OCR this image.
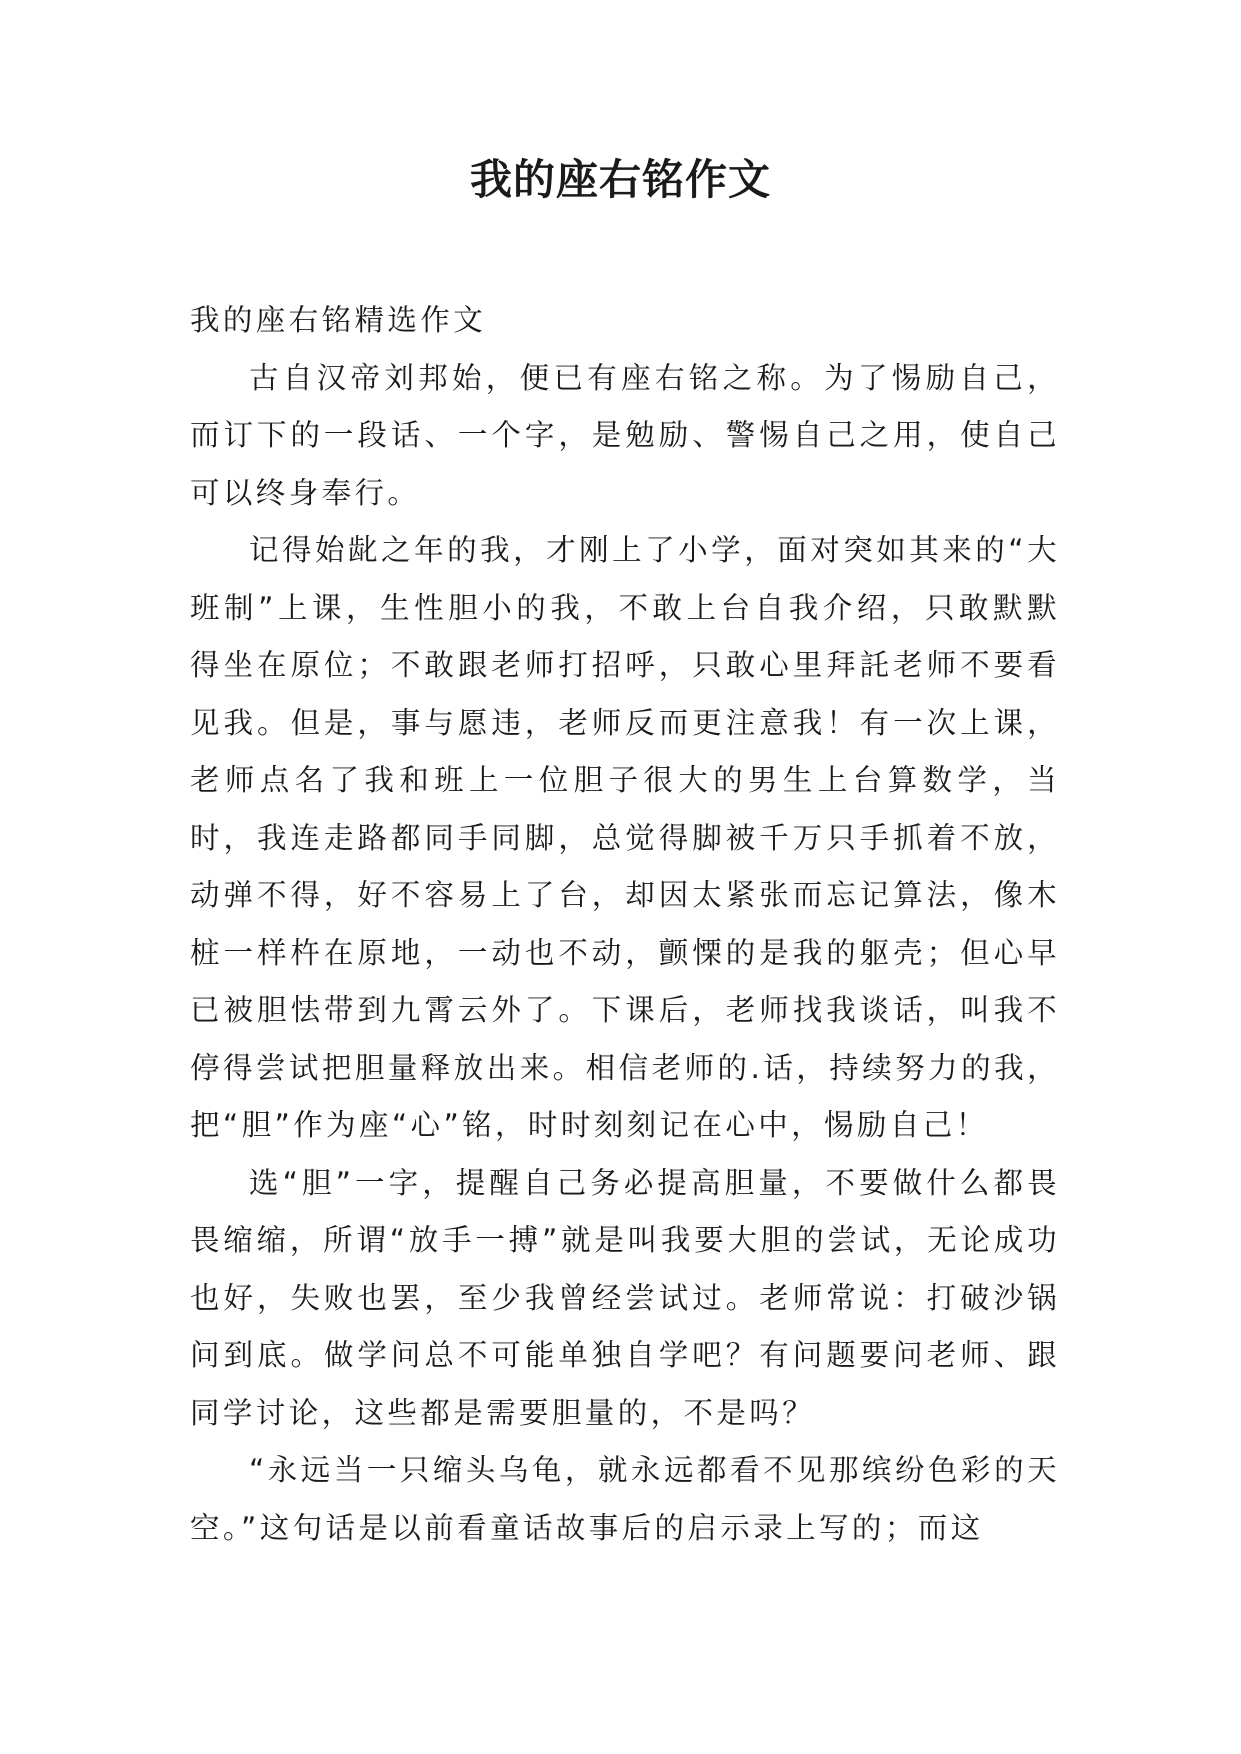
我的座右铭作文

我的座右铭精选作文

古自汉帝刘邦始，便已有座右铭之称。为了惕励自己，而订下的一段话、一个字，是勉励、警惕自己之用，使自己可以终身奉行。

记得始龀之年的我，才刚上了小学，面对突如其来的“大班制”上课，生性胆小的我，不敢上台自我介绍，只敢默默得坐在原位；不敢跟老师打招呼，只敢心里拜託老师不要看见我。但是，事与愿违，老师反而更注意我！有一次上课，老师点名了我和班上一位胆子很大的男生上台算数学，当时，我连走路都同手同脚，总觉得脚被千万只手抓着不放，动弹不得，好不容易上了台，却因太紧张而忘记算法，像木桩一样杵在原地，一动也不动，颤慄的是我的躯壳；但心早已被胆怯带到九霄云外了。下课后，老师找我谈话，叫我不停得尝试把胆量释放出来。相信老师的.话，持续努力的我，把“胆”作为座“心”铭，时时刻刻记在心中，惕励自己！

选“胆”一字，提醒自己务必提高胆量，不要做什么都畏畏缩缩，所谓“放手一搏”就是叫我要大胆的尝试，无论成功也好，失败也罢，至少我曾经尝试过。老师常说：打破沙锅问到底。做学问总不可能单独自学吧？有问题要问老师、跟同学讨论，这些都是需要胆量的，不是吗？

“永远当一只缩头乌龟，就永远都看不见那缤纷色彩的天空。”这句话是以前看童话故事后的启示录上写的；而这
